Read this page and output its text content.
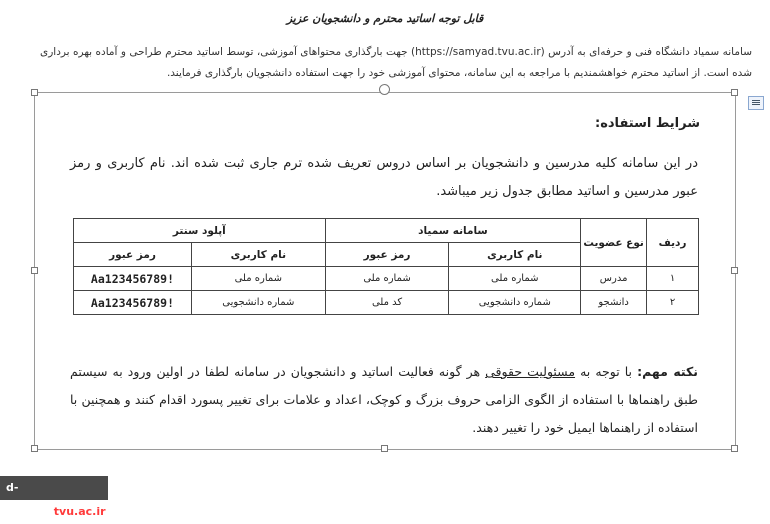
قابل توجه اساتید محترم و دانشجویان عزیز
سامانه سمیاد دانشگاه فنی و حرفه‌ای به آدرس (https://samyad.tvu.ac.ir) جهت بارگذاری محتواهای آموزشی، توسط اساتید محترم طراحی و آماده بهره برداری شده است. از اساتید محترم خواهشمندیم با مراجعه به این سامانه، محتوای آموزشی خود را جهت استفاده دانشجویان بارگذاری فرمایند.
شرایط استفاده:
در این سامانه کلیه مدرسین و دانشجویان بر اساس دروس تعریف شده ترم جاری ثبت شده اند. نام کاربری و رمز عبور مدرسین و اساتید مطابق جدول زیر میباشد.
ردیف	نوع عضویت	سامانه سمیاد		آپلود سنتر	
		نام کاربری	رمز عبور	نام کاربری	رمز عبور
۱	مدرس	شماره ملی	شماره ملی	شماره ملی	Aa123456789!
۲	دانشجو	شماره دانشجویی	کد ملی	شماره دانشجویی	Aa123456789!
نکته مهم: با توجه به مسئولیت حقوقی هر گونه فعالیت اساتید و دانشجویان در سامانه لطفا در اولین ورود به سیستم طبق راهنماها با استفاده از الگوی الزامی حروف بزرگ و کوچک، اعداد و علامات برای تغییر پسورد اقدام کنند و همچنین با استفاده از راهنماها ایمیل خود را تغییر دهند.
d-ardebil.tvu.ac.ir
